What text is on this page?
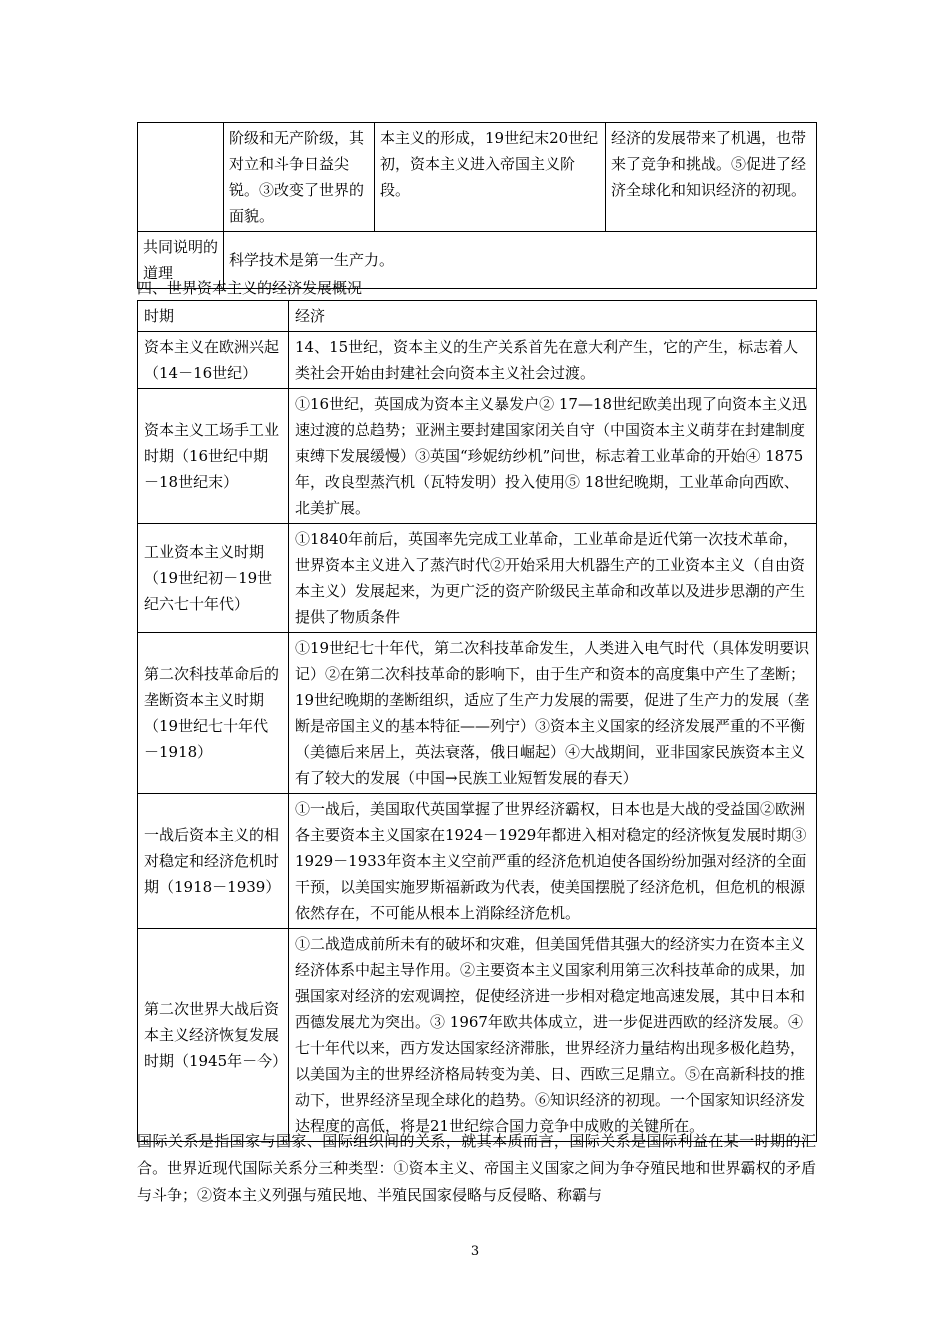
	阶级和无产阶级，其对立和斗争日益尖锐。③改变了世界的面貌。	本主义的形成，19世纪末20世纪初，资本主义进入帝国主义阶段。	经济的发展带来了机遇，也带来了竞争和挑战。⑤促进了经济全球化和知识经济的初现。
共同说明的道理	科学技术是第一生产力。		
四、世界资本主义的经济发展概况
时期	经济
资本主义在欧洲兴起（14－16世纪）	14、15世纪，资本主义的生产关系首先在意大利产生，它的产生，标志着人类社会开始由封建社会向资本主义社会过渡。
资本主义工场手工业时期（16世纪中期－18世纪末）	①16世纪，英国成为资本主义暴发户② 17—18世纪欧美出现了向资本主义迅速过渡的总趋势；亚洲主要封建国家闭关自守（中国资本主义萌芽在封建制度束缚下发展缓慢）③英国“珍妮纺纱机”问世，标志着工业革命的开始④ 1875年，改良型蒸汽机（瓦特发明）投入使用⑤ 18世纪晚期，工业革命向西欧、北美扩展。
工业资本主义时期（19世纪初－19世纪六七十年代）	①1840年前后，英国率先完成工业革命，工业革命是近代第一次技术革命，世界资本主义进入了蒸汽时代②开始采用大机器生产的工业资本主义（自由资本主义）发展起来，为更广泛的资产阶级民主革命和改革以及进步思潮的产生提供了物质条件
第二次科技革命后的垄断资本主义时期（19世纪七十年代－1918）	①19世纪七十年代，第二次科技革命发生，人类进入电气时代（具体发明要识记）②在第二次科技革命的影响下，由于生产和资本的高度集中产生了垄断；19世纪晚期的垄断组织，适应了生产力发展的需要，促进了生产力的发展（垄断是帝国主义的基本特征——列宁）③资本主义国家的经济发展严重的不平衡（美德后来居上，英法衰落，俄日崛起）④大战期间，亚非国家民族资本主义有了较大的发展（中国→民族工业短暂发展的春天）
一战后资本主义的相对稳定和经济危机时期（1918－1939）	①一战后，美国取代英国掌握了世界经济霸权，日本也是大战的受益国②欧洲各主要资本主义国家在1924－1929年都进入相对稳定的经济恢复发展时期③ 1929－1933年资本主义空前严重的经济危机迫使各国纷纷加强对经济的全面干预，以美国实施罗斯福新政为代表，使美国摆脱了经济危机，但危机的根源依然存在，不可能从根本上消除经济危机。
第二次世界大战后资本主义经济恢复发展时期（1945年－今）	①二战造成前所未有的破坏和灾难，但美国凭借其强大的经济实力在资本主义经济体系中起主导作用。②主要资本主义国家利用第三次科技革命的成果，加强国家对经济的宏观调控，促使经济进一步相对稳定地高速发展，其中日本和西德发展尤为突出。③ 1967年欧共体成立，进一步促进西欧的经济发展。④七十年代以来，西方发达国家经济滞胀，世界经济力量结构出现多极化趋势，以美国为主的世界经济格局转变为美、日、西欧三足鼎立。⑤在高新科技的推动下，世界经济呈现全球化的趋势。⑥知识经济的初现。一个国家知识经济发达程度的高低，将是21世纪综合国力竞争中成败的关键所在。
国际关系是指国家与国家、国际组织间的关系，就其本质而言，国际关系是国际利益在某一时期的汇合。世界近现代国际关系分三种类型：①资本主义、帝国主义国家之间为争夺殖民地和世界霸权的矛盾与斗争；②资本主义列强与殖民地、半殖民国家侵略与反侵略、称霸与
3
